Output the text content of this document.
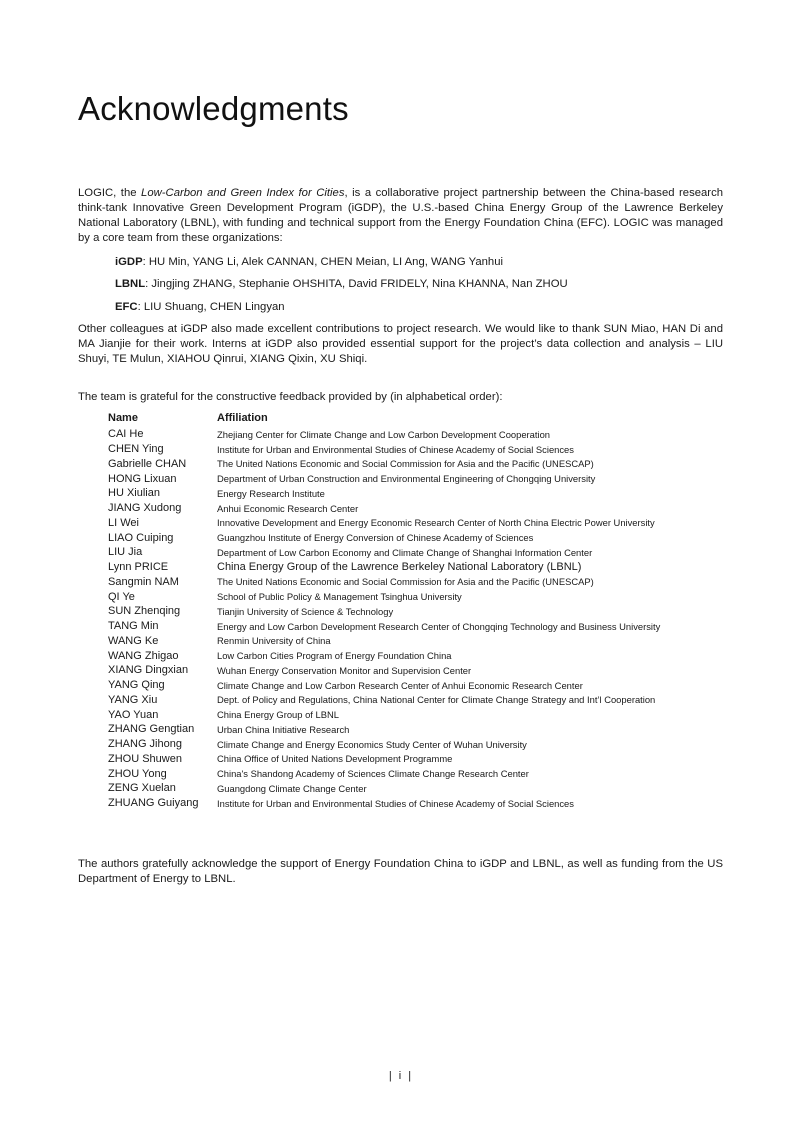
Acknowledgments

LOGIC, the Low-Carbon and Green Index for Cities, is a collaborative project partnership between the China-based research think-tank Innovative Green Development Program (iGDP), the U.S.-based China Energy Group of the Lawrence Berkeley National Laboratory (LBNL), with funding and technical support from the Energy Foundation China (EFC). LOGIC was managed by a core team from these organizations:

iGDP: HU Min, YANG Li, Alek CANNAN, CHEN Meian, LI Ang, WANG Yanhui
LBNL: Jingjing ZHANG, Stephanie OHSHITA, David FRIDELY, Nina KHANNA, Nan ZHOU
EFC: LIU Shuang, CHEN Lingyan

Other colleagues at iGDP also made excellent contributions to project research. We would like to thank SUN Miao, HAN Di and MA Jianjie for their work. Interns at iGDP also provided essential support for the project’s data collection and analysis – LIU Shuyi, TE Mulun, XIAHOU Qinrui, XIANG Qixin, XU Shiqi.

The team is grateful for the constructive feedback provided by (in alphabetical order):

Name	Affiliation
CAI He	Zhejiang Center for Climate Change and Low Carbon Development Cooperation
CHEN Ying	Institute for Urban and Environmental Studies of Chinese Academy of Social Sciences
Gabrielle CHAN	The United Nations Economic and Social Commission for Asia and the Pacific (UNESCAP)
HONG Lixuan	Department of Urban Construction and Environmental Engineering of Chongqing University
HU Xiulian	Energy Research Institute
JIANG Xudong	Anhui Economic Research Center
LI Wei	Innovative Development and Energy Economic Research Center of North China Electric Power University
LIAO Cuiping	Guangzhou Institute of Energy Conversion of Chinese Academy of Sciences
LIU Jia	Department of Low Carbon Economy and Climate Change of Shanghai Information Center
Lynn PRICE	China Energy Group of the Lawrence Berkeley National Laboratory (LBNL)
Sangmin NAM	The United Nations Economic and Social Commission for Asia and the Pacific (UNESCAP)
QI Ye	School of Public Policy & Management Tsinghua University
SUN Zhenqing	Tianjin University of Science & Technology
TANG Min	Energy and Low Carbon Development Research Center of Chongqing Technology and Business University
WANG Ke	Renmin University of China
WANG Zhigao	Low Carbon Cities Program of Energy Foundation China
XIANG Dingxian	Wuhan Energy Conservation Monitor and Supervision Center
YANG Qing	Climate Change and Low Carbon Research Center of Anhui Economic Research Center
YANG Xiu	Dept. of Policy and Regulations, China National Center for Climate Change Strategy and Int’l Cooperation
YAO Yuan	China Energy Group of LBNL
ZHANG Gengtian	Urban China Initiative Research
ZHANG Jihong	Climate Change and Energy Economics Study Center of Wuhan University
ZHOU Shuwen	China Office of United Nations Development Programme
ZHOU Yong	China's Shandong Academy of Sciences Climate Change Research Center
ZENG Xuelan	Guangdong Climate Change Center
ZHUANG Guiyang	Institute for Urban and Environmental Studies of Chinese Academy of Social Sciences

The authors gratefully acknowledge the support of Energy Foundation China to iGDP and LBNL, as well as funding from the US Department of Energy to LBNL.

| i |
